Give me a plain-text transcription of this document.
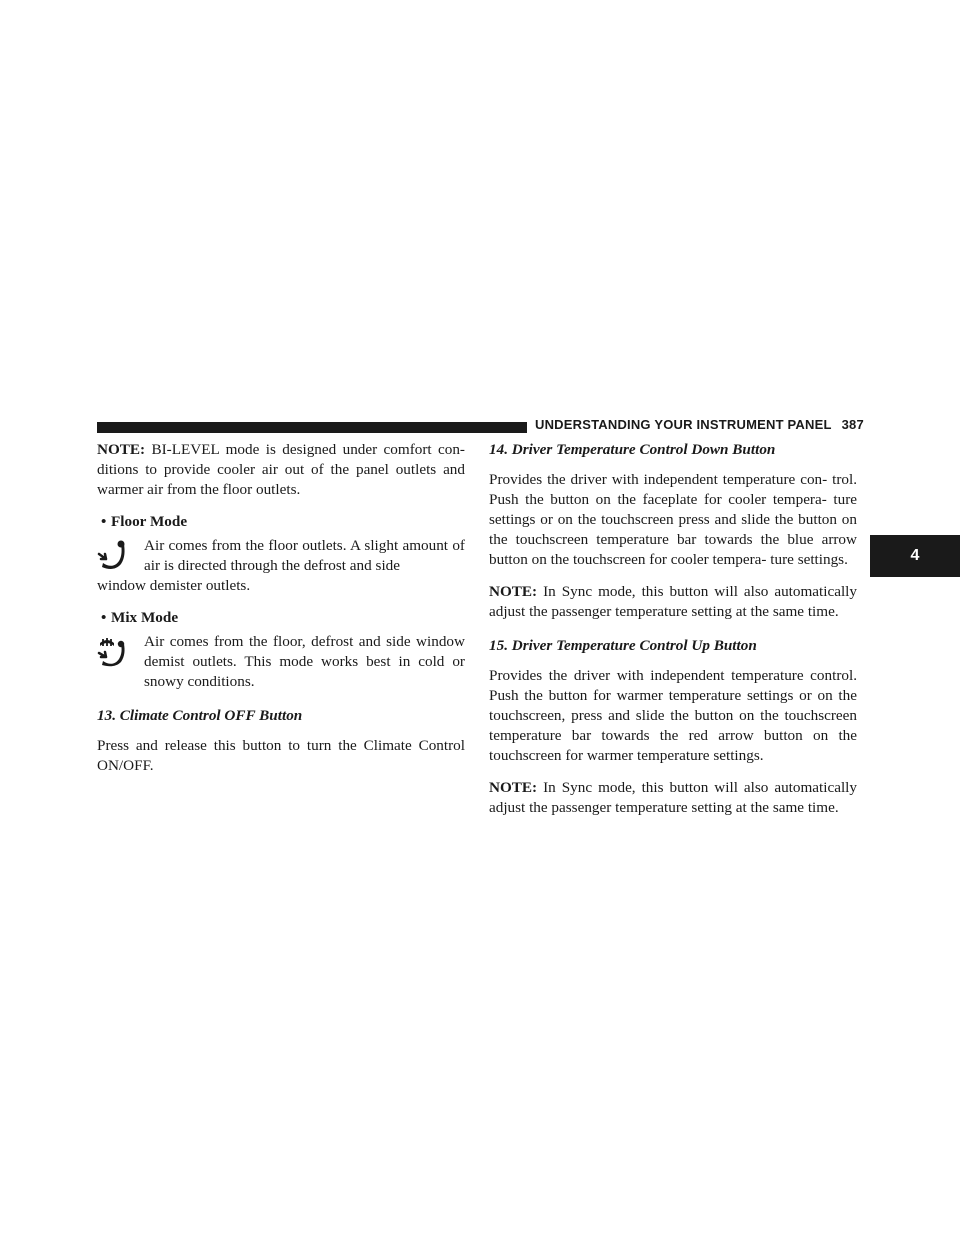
UNDERSTANDING YOUR INSTRUMENT PANEL 387
4

NOTE: BI-LEVEL mode is designed under comfort con- ditions to provide cooler air out of the panel outlets and warmer air from the floor outlets.

• Floor Mode

Air comes from the floor outlets. A slight amount of air is directed through the defrost and side

window demister outlets.

• Mix Mode

Air comes from the floor, defrost and side window demist outlets. This mode works best in cold or snowy conditions.

13. Climate Control OFF Button

Press and release this button to turn the Climate Control ON/OFF.

14. Driver Temperature Control Down Button

Provides the driver with independent temperature con- trol. Push the button on the faceplate for cooler tempera- ture settings or on the touchscreen press and slide the button on the touchscreen temperature bar towards the blue arrow button on the touchscreen for cooler tempera- ture settings.

NOTE: In Sync mode, this button will also automatically adjust the passenger temperature setting at the same time.

15. Driver Temperature Control Up Button

Provides the driver with independent temperature control. Push the button for warmer temperature settings or on the touchscreen, press and slide the button on the touchscreen temperature bar towards the red arrow button on the touchscreen for warmer temperature settings.

NOTE: In Sync mode, this button will also automatically adjust the passenger temperature setting at the same time.
